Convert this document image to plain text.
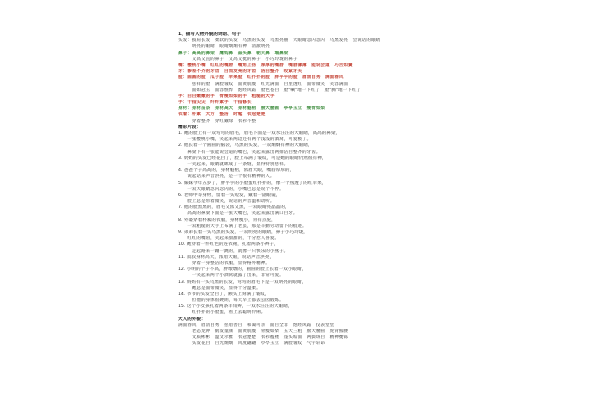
1、描写人物外貌的词语、句子
头发：披肩长发　柔软的头发　乌黑的头发　乌黑亮丽　大眼睛忽闪忽闪　乌黑发亮　会说话的眼睛
　　　明亮的眼睛　眼睛炯炯有神　清澈明亮
鼻子：高高的鼻梁　鹰钩鼻　蒜头鼻　朝天鼻　塌鼻梁
　　　又高又直的鼻子　又高又挺的鼻子　小巧玲珑的鼻子
嘴：樱桃小嘴　红红的嘴唇　嘴角上扬　厚厚的嘴唇　嘴唇薄薄　能说会道　巧舌如簧
牙：参差不齐的牙齿　白而发亮的牙齿　洁白整齐　咬紧牙关
脸：圆圆的脸　瓜子脸　苹果脸　红扑扑的脸　胖乎乎的脸　眉清目秀　满面春风
　　　慈祥的脸　满脸皱纹　面黄肌瘦　红光满面　白里透红　面带微笑　笑容满面
　　　面如冠玉　面容憔悴　饱经风霜　脸色苍白　脸"唰"地一下红了　脸"腾"地一下红了
手：白白嫩嫩的手　骨瘦如柴的手　粗糙的大手
手：十指尖尖　纤纤素手　十指修长
身材：身材苗条　身材高大　身材魁梧　膀大腰圆　亭亭玉立　瘦骨如柴
衣着：朴素　大方　整洁　时髦　衣冠楚楚
　　　穿着整齐　穿红戴绿　衣衫不整
精彩片段：
1. 她的脸上有一双弯弯的眉毛，眉毛下面是一双水汪汪的大眼睛，高高的鼻梁，
　　一张樱桃小嘴，笑起来两边还有两个浅浅的酒窝，可爱极了。
2. 他长着一个圆圆的脑袋，乌黑的头发，一双炯炯有神的大眼睛，
　　鼻梁下有一张能说会道的嘴巴，笑起来露出两排洁白整齐的牙齿。
3. 奶奶的头发已经花白了，脸上布满了皱纹，可是她的眼睛仍然很有神，
　　一笑起来，眼睛就眯成了一条缝，显得特别慈祥。
4. 爸爸个子高高的，身材魁梧，浓眉大眼，嘴唇厚厚的，
　　说起话来声音洪亮，是一个很有精神的人。
5. 妹妹今年五岁了，胖乎乎的小脸蛋红扑扑的，像一个熟透了的红苹果，
　　一双大眼睛忽闪忽闪的，小嘴巴总是说个不停。
6. 老师中等身材，留着一头短发，戴着一副眼镜，
　　脸上总是带着微笑，说话的声音温和动听。
7. 他的脸黑黑的，眉毛又浓又黑，一双眼睛亮晶晶的，
　　高高的鼻梁下面是一张大嘴巴，笑起来露出满口白牙。
8. 外婆穿着朴素的衣服，身材瘦小，背有点驼，
　　一双粗糙的大手上布满了老茧，那是辛勤劳动留下的痕迹。
9. 弟弟长着一头乌黑的头发，一双明亮的眼睛，鼻子小巧玲珑，
　　红红的嘴唇，笑起来甜甜的，十分惹人喜爱。
10. 她穿着一件红色的连衣裙，扎着两条小辫子，
　　　走起路来一蹦一跳的，就像一只快乐的小燕子。
11. 叔叔身材高大，浓眉大眼，说话声音洪亮，
　　　穿着一身整洁的衣服，显得格外精神。
12. 小明的个子不高，胖墩墩的，圆圆的脸上长着一双小眼睛，
　　　一笑起来两个小酒窝就露了出来，非常可爱。
13. 妈妈有一头乌黑的长发，弯弯的眉毛下是一双明亮的眼睛，
　　　她总是面带微笑，显得十分温柔。
14. 爷爷的头发全白了，额头上刻满了皱纹，
　　　但他的身体很硬朗，每天早上都去公园锻炼。
15. 这个小女孩扎着两条羊角辫，一双水汪汪的大眼睛，
　　　红扑扑的小脸蛋，看上去聪明伶俐。
大人的外貌：
满面春风　眉清目秀　慈眉善目　和蔼可亲　面目全非　饱经风霜　仪表堂堂
　　　老态龙钟　鹤发童颜　面黄肌瘦　骨瘦如柴　五大三粗　膀大腰圆　虎背熊腰
　　　文质彬彬　温文尔雅　衣冠楚楚　衣衫褴褛　蓬头垢面　两鬓斑白　精神矍铄
　　　头发花白　目光炯炯　风度翩翩　亭亭玉立　满脸皱纹　气宇轩昂
